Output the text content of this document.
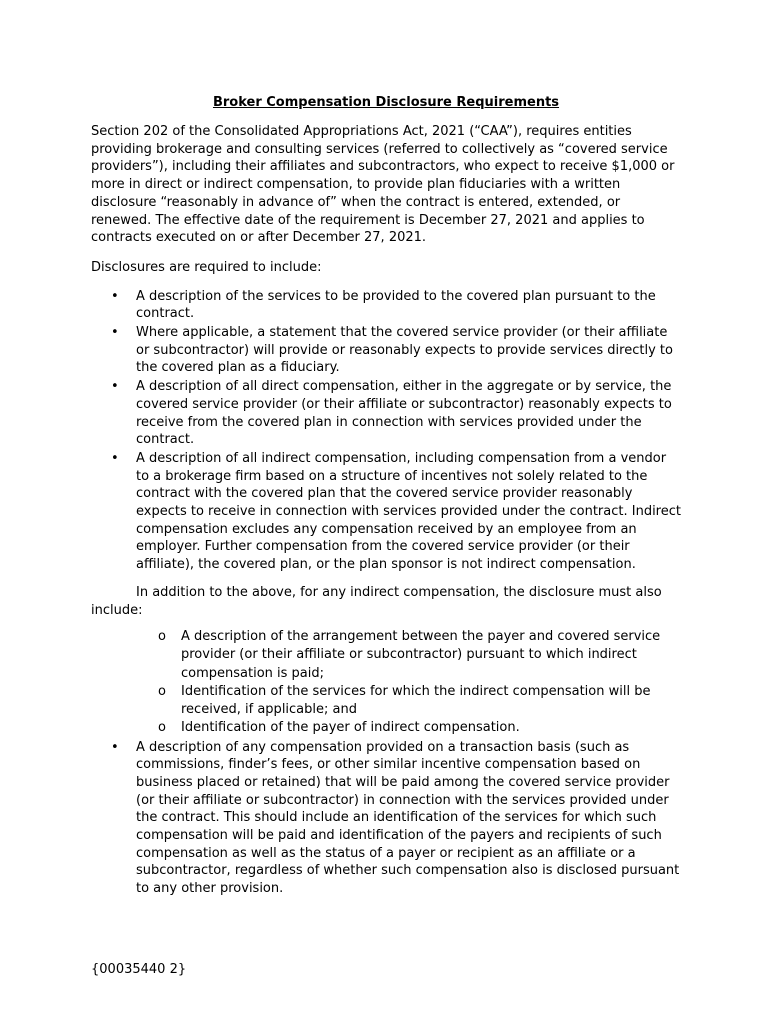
Broker Compensation Disclosure Requirements

Section 202 of the Consolidated Appropriations Act, 2021 (“CAA”), requires entities providing brokerage and consulting services (referred to collectively as “covered service providers”), including their affiliates and subcontractors, who expect to receive $1,000 or more in direct or indirect compensation, to provide plan fiduciaries with a written disclosure “reasonably in advance of” when the contract is entered, extended, or renewed. The effective date of the requirement is December 27, 2021 and applies to contracts executed on or after December 27, 2021.

Disclosures are required to include:

• A description of the services to be provided to the covered plan pursuant to the contract.
• Where applicable, a statement that the covered service provider (or their affiliate or subcontractor) will provide or reasonably expects to provide services directly to the covered plan as a fiduciary.
• A description of all direct compensation, either in the aggregate or by service, the covered service provider (or their affiliate or subcontractor) reasonably expects to receive from the covered plan in connection with services provided under the contract.
• A description of all indirect compensation, including compensation from a vendor to a brokerage firm based on a structure of incentives not solely related to the contract with the covered plan that the covered service provider reasonably expects to receive in connection with services provided under the contract. Indirect compensation excludes any compensation received by an employee from an employer. Further compensation from the covered service provider (or their affiliate), the covered plan, or the plan sponsor is not indirect compensation.

In addition to the above, for any indirect compensation, the disclosure must also include:

o A description of the arrangement between the payer and covered service provider (or their affiliate or subcontractor) pursuant to which indirect compensation is paid;
o Identification of the services for which the indirect compensation will be received, if applicable; and
o Identification of the payer of indirect compensation.
• A description of any compensation provided on a transaction basis (such as commissions, finder’s fees, or other similar incentive compensation based on business placed or retained) that will be paid among the covered service provider (or their affiliate or subcontractor) in connection with the services provided under the contract. This should include an identification of the services for which such compensation will be paid and identification of the payers and recipients of such compensation as well as the status of a payer or recipient as an affiliate or a subcontractor, regardless of whether such compensation also is disclosed pursuant to any other provision.
{00035440 2}
